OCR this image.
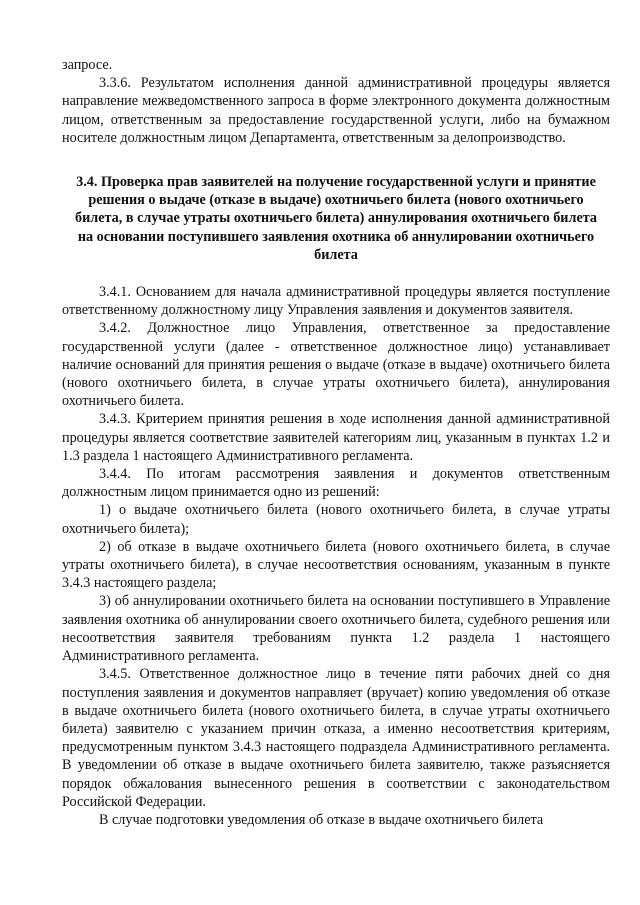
запросе.

3.3.6. Результатом исполнения данной административной процедуры является направление межведомственного запроса в форме электронного документа должностным лицом, ответственным за предоставление государственной услуги, либо на бумажном носителе должностным лицом Департамента, ответственным за делопроизводство.

3.4. Проверка прав заявителей на получение государственной услуги и принятие решения о выдаче (отказе в выдаче) охотничьего билета (нового охотничьего билета, в случае утраты охотничьего билета) аннулирования охотничьего билета на основании поступившего заявления охотника об аннулировании охотничьего билета

3.4.1. Основанием для начала административной процедуры является поступление ответственному должностному лицу Управления заявления и документов заявителя.

3.4.2. Должностное лицо Управления, ответственное за предоставление государственной услуги (далее - ответственное должностное лицо) устанавливает наличие оснований для принятия решения о выдаче (отказе в выдаче) охотничьего билета (нового охотничьего билета, в случае утраты охотничьего билета), аннулирования охотничьего билета.

3.4.3. Критерием принятия решения в ходе исполнения данной административной процедуры является соответствие заявителей категориям лиц, указанным в пунктах 1.2 и 1.3 раздела 1 настоящего Административного регламента.

3.4.4. По итогам рассмотрения заявления и документов ответственным должностным лицом принимается одно из решений:

1) о выдаче охотничьего билета (нового охотничьего билета, в случае утраты охотничьего билета);

2) об отказе в выдаче охотничьего билета (нового охотничьего билета, в случае утраты охотничьего билета), в случае несоответствия основаниям, указанным в пункте 3.4.3 настоящего раздела;

3) об аннулировании охотничьего билета на основании поступившего в Управление заявления охотника об аннулировании своего охотничьего билета, судебного решения или несоответствия заявителя требованиям пункта 1.2 раздела 1 настоящего Административного регламента.

3.4.5. Ответственное должностное лицо в течение пяти рабочих дней со дня поступления заявления и документов направляет (вручает) копию уведомления об отказе в выдаче охотничьего билета (нового охотничьего билета, в случае утраты охотничьего билета) заявителю с указанием причин отказа, а именно несоответствия критериям, предусмотренным пунктом 3.4.3 настоящего подраздела Административного регламента. В уведомлении об отказе в выдаче охотничьего билета заявителю, также разъясняется порядок обжалования вынесенного решения в соответствии с законодательством Российской Федерации.

В случае подготовки уведомления об отказе в выдаче охотничьего билета
